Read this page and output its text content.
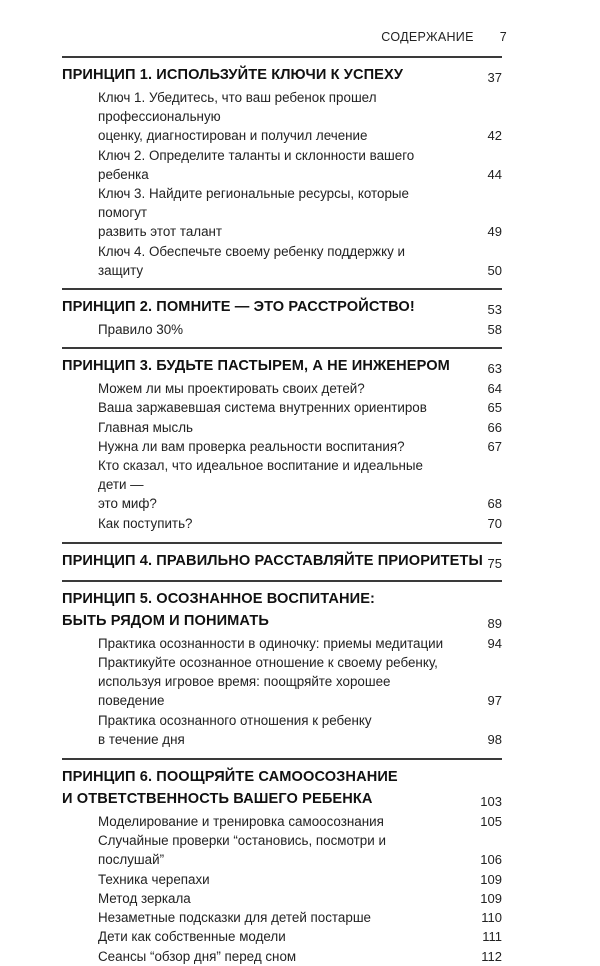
СОДЕРЖАНИЕ 7
ПРИНЦИП 1. ИСПОЛЬЗУЙТЕ КЛЮЧИ К УСПЕХУ	37
Ключ 1. Убедитесь, что ваш ребенок прошел профессиональную
оценку, диагностирован и получил лечение	42
Ключ 2. Определите таланты и склонности вашего ребенка	44
Ключ 3. Найдите региональные ресурсы, которые помогут
развить этот талант	49
Ключ 4. Обеспечьте своему ребенку поддержку и защиту	50
ПРИНЦИП 2. ПОМНИТЕ — ЭТО РАССТРОЙСТВО!	53
Правило 30%	58
ПРИНЦИП 3. БУДЬТЕ ПАСТЫРЕМ, А НЕ ИНЖЕНЕРОМ	63
Можем ли мы проектировать своих детей?	64
Ваша заржавевшая система внутренних ориентиров	65
Главная мысль	66
Нужна ли вам проверка реальности воспитания?	67
Кто сказал, что идеальное воспитание и идеальные дети —
это миф?	68
Как поступить?	70
ПРИНЦИП 4. ПРАВИЛЬНО РАССТАВЛЯЙТЕ ПРИОРИТЕТЫ 75
ПРИНЦИП 5. ОСОЗНАННОЕ ВОСПИТАНИЕ:
БЫТЬ РЯДОМ И ПОНИМАТЬ	89
Практика осознанности в одиночку: приемы медитации	94
Практикуйте осознанное отношение к своему ребенку,
используя игровое время: поощряйте хорошее
поведение	97
Практика осознанного отношения к ребенку
в течение дня	98
ПРИНЦИП 6. ПООЩРЯЙТЕ САМООСОЗНАНИЕ
И ОТВЕТСТВЕННОСТЬ ВАШЕГО РЕБЕНКА	103
Моделирование и тренировка самоосознания	105
Случайные проверки “остановись, посмотри и послушай”	106
Техника черепахи	109
Метод зеркала	109
Незаметные подсказки для детей постарше	110
Дети как собственные модели	111
Сеансы “обзор дня” перед сном	112
